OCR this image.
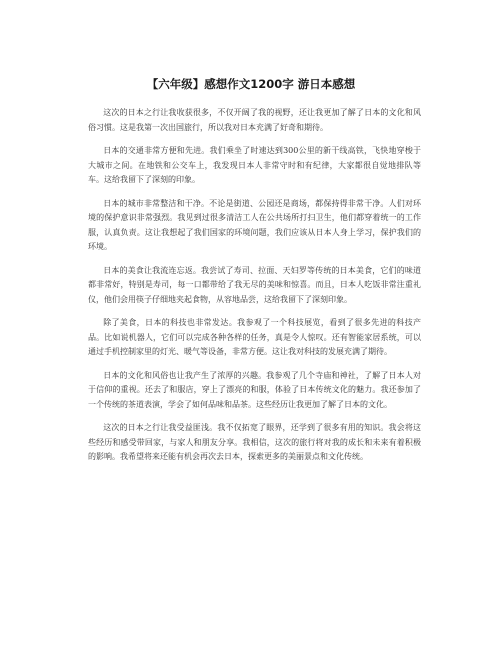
【六年级】感想作文1200字 游日本感想

这次的日本之行让我收获很多，不仅开阔了我的视野，还让我更加了解了日本的文化和风俗习惯。这是我第一次出国旅行，所以我对日本充满了好奇和期待。

日本的交通非常方便和先进。我们乘坐了时速达到300公里的新干线高铁，飞快地穿梭于大城市之间。在地铁和公交车上，我发现日本人非常守时和有纪律，大家都很自觉地排队等车。这给我留下了深刻的印象。

日本的城市非常整洁和干净。不论是街道、公园还是商场，都保持得非常干净。人们对环境的保护意识非常强烈。我见到过很多清洁工人在公共场所打扫卫生，他们都穿着统一的工作服，认真负责。这让我想起了我们国家的环境问题，我们应该从日本人身上学习，保护我们的环境。

日本的美食让我流连忘返。我尝试了寿司、拉面、天妇罗等传统的日本美食，它们的味道都非常好，特别是寿司，每一口都带给了我无尽的美味和惊喜。而且，日本人吃饭非常注重礼仪，他们会用筷子仔细地夹起食物，从容地品尝，这给我留下了深刻印象。

除了美食，日本的科技也非常发达。我参观了一个科技展览，看到了很多先进的科技产品。比如说机器人，它们可以完成各种各样的任务，真是令人惊叹。还有智能家居系统，可以通过手机控制家里的灯光、暖气等设备，非常方便。这让我对科技的发展充满了期待。

日本的文化和风俗也让我产生了浓厚的兴趣。我参观了几个寺庙和神社，了解了日本人对于信仰的重视。还去了和服店，穿上了漂亮的和服，体验了日本传统文化的魅力。我还参加了一个传统的茶道表演，学会了如何品味和品茶。这些经历让我更加了解了日本的文化。

这次的日本之行让我受益匪浅。我不仅拓宽了眼界，还学到了很多有用的知识。我会将这些经历和感受带回家，与家人和朋友分享。我相信，这次的旅行将对我的成长和未来有着积极的影响。我希望将来还能有机会再次去日本，探索更多的美丽景点和文化传统。
